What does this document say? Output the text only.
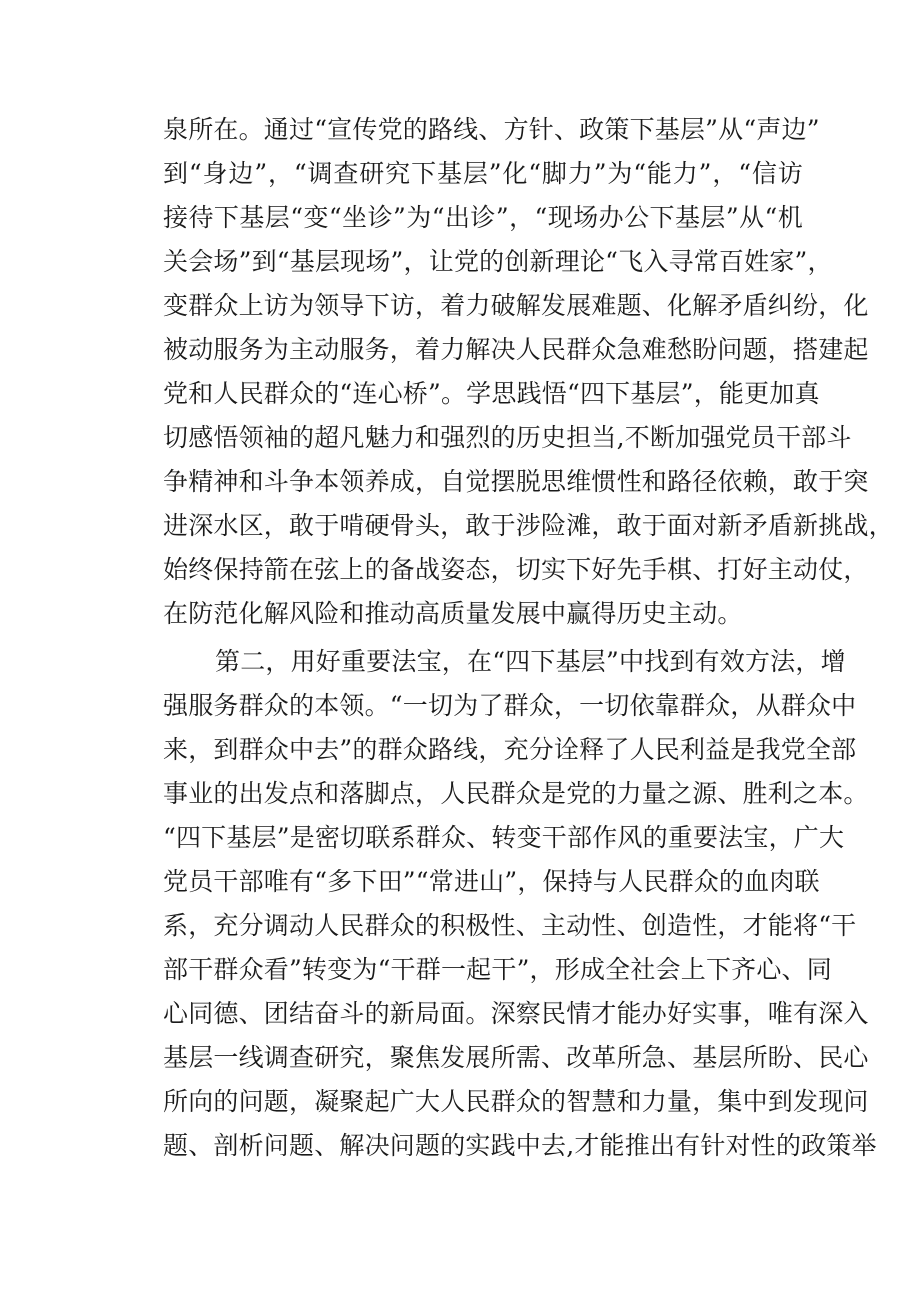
泉所在。通过“宣传党的路线、方针、政策下基层”从“声边”
到“身边”，“调查研究下基层”化“脚力”为“能力”，“信访
接待下基层“变“坐诊”为“出诊”，“现场办公下基层”从“机
关会场”到“基层现场”，让党的创新理论“飞入寻常百姓家”，
变群众上访为领导下访，着力破解发展难题、化解矛盾纠纷，化
被动服务为主动服务，着力解决人民群众急难愁盼问题，搭建起
党和人民群众的“连心桥”。学思践悟“四下基层”，能更加真
切感悟领袖的超凡魅力和强烈的历史担当,不断加强党员干部斗
争精神和斗争本领养成，自觉摆脱思维惯性和路径依赖，敢于突
进深水区，敢于啃硬骨头，敢于涉险滩，敢于面对新矛盾新挑战，
始终保持箭在弦上的备战姿态，切实下好先手棋、打好主动仗，
在防范化解风险和推动高质量发展中赢得历史主动。
第二，用好重要法宝，在“四下基层”中找到有效方法，增
强服务群众的本领。“一切为了群众，一切依靠群众，从群众中
来，到群众中去”的群众路线，充分诠释了人民利益是我党全部
事业的出发点和落脚点，人民群众是党的力量之源、胜利之本。
“四下基层”是密切联系群众、转变干部作风的重要法宝，广大
党员干部唯有“多下田”“常进山”，保持与人民群众的血肉联
系，充分调动人民群众的积极性、主动性、创造性，才能将“干
部干群众看”转变为“干群一起干”，形成全社会上下齐心、同
心同德、团结奋斗的新局面。深察民情才能办好实事，唯有深入
基层一线调查研究，聚焦发展所需、改革所急、基层所盼、民心
所向的问题，凝聚起广大人民群众的智慧和力量，集中到发现问
题、剖析问题、解决问题的实践中去,才能推出有针对性的政策举
